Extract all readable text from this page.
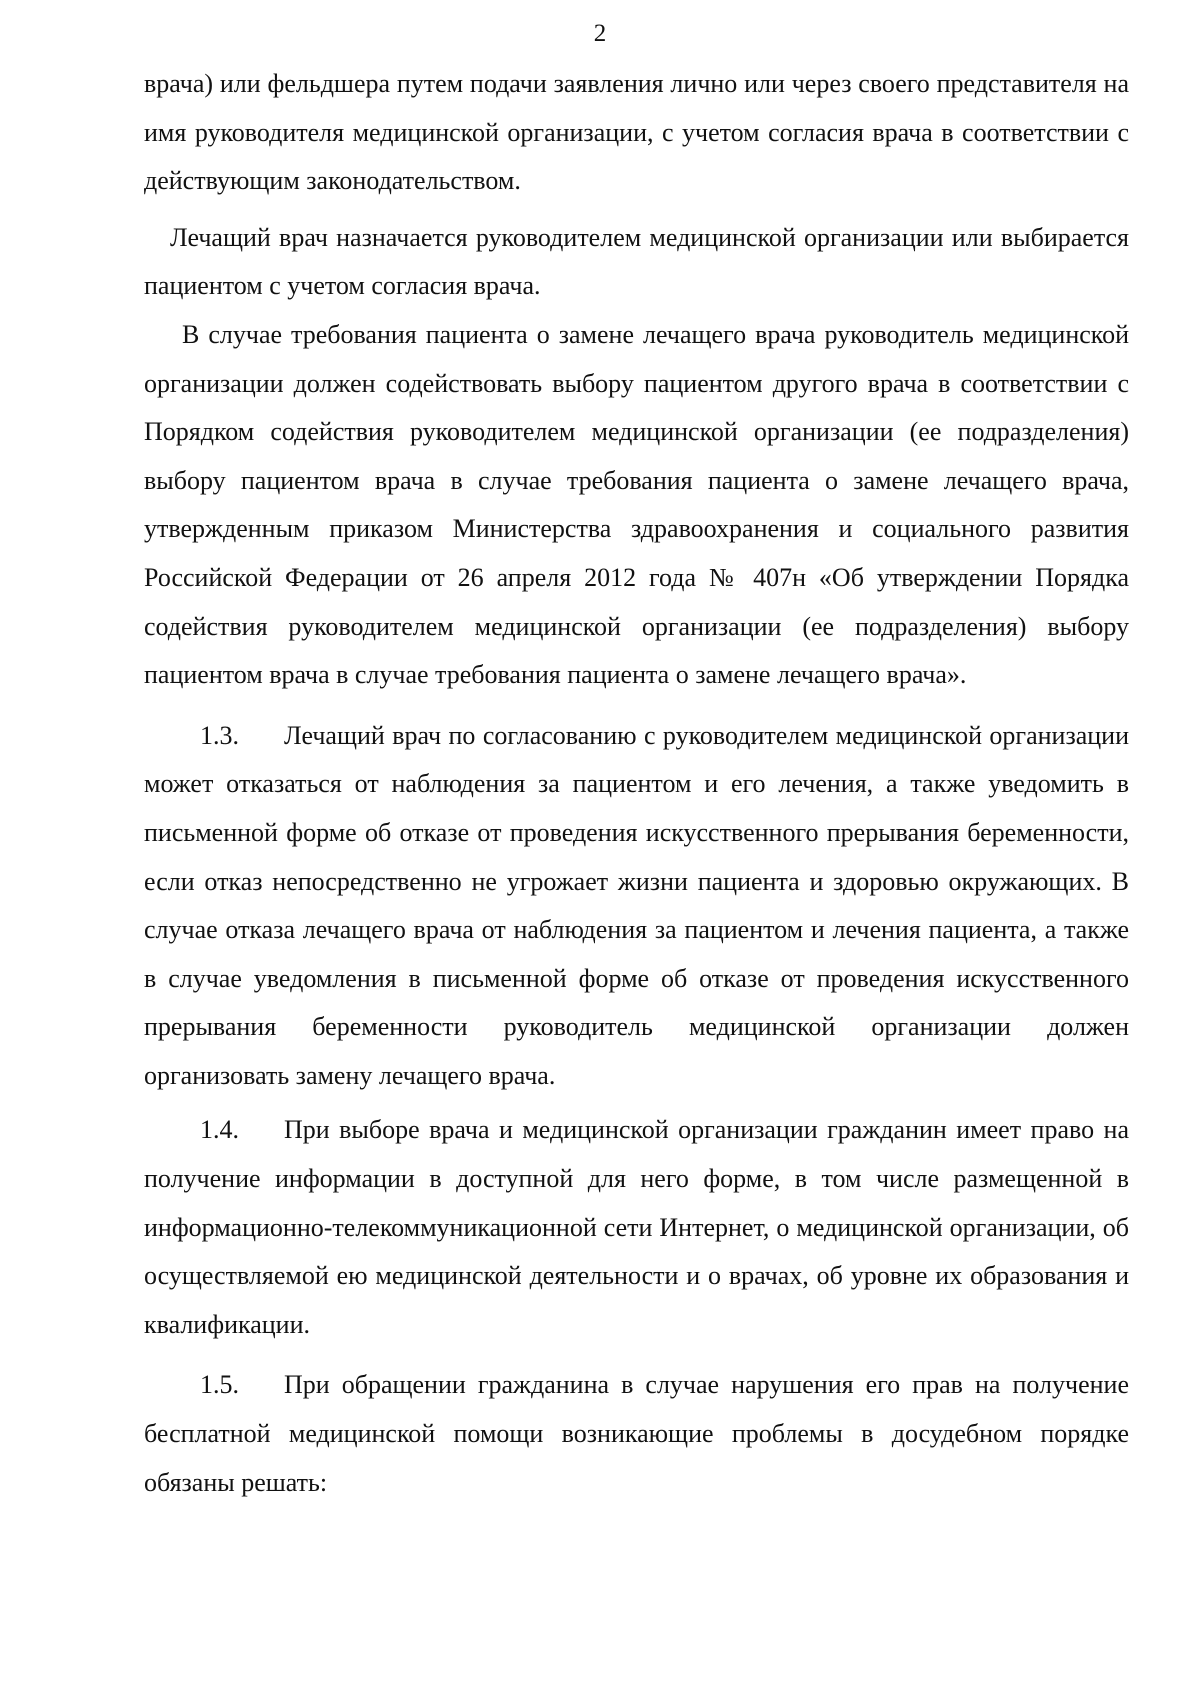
2

врача) или фельдшера путем подачи заявления лично или через своего представителя на имя руководителя медицинской организации, с учетом согласия врача в соответствии с действующим законодательством.

Лечащий врач назначается руководителем медицинской организации или выбирается пациентом с учетом согласия врача.

В случае требования пациента о замене лечащего врача руководитель медицинской организации должен содействовать выбору пациентом другого врача в соответствии с Порядком содействия руководителем медицинской организации (ее подразделения) выбору пациентом врача в случае требования пациента о замене лечащего врача, утвержденным приказом Министерства здравоохранения и социального развития Российской Федерации от 26 апреля 2012 года № 407н «Об утверждении Порядка содействия руководителем медицинской организации (ее подразделения) выбору пациентом врача в случае требования пациента о замене лечащего врача».

1.3. Лечащий врач по согласованию с руководителем медицинской организации может отказаться от наблюдения за пациентом и его лечения, а также уведомить в письменной форме об отказе от проведения искусственного прерывания беременности, если отказ непосредственно не угрожает жизни пациента и здоровью окружающих. В случае отказа лечащего врача от наблюдения за пациентом и лечения пациента, а также в случае уведомления в письменной форме об отказе от проведения искусственного прерывания беременности руководитель медицинской организации должен организовать замену лечащего врача.

1.4. При выборе врача и медицинской организации гражданин имеет право на получение информации в доступной для него форме, в том числе размещенной в информационно-телекоммуникационной сети Интернет, о медицинской организации, об осуществляемой ею медицинской деятельности и о врачах, об уровне их образования и квалификации.

1.5. При обращении гражданина в случае нарушения его прав на получение бесплатной медицинской помощи возникающие проблемы в досудебном порядке обязаны решать:
